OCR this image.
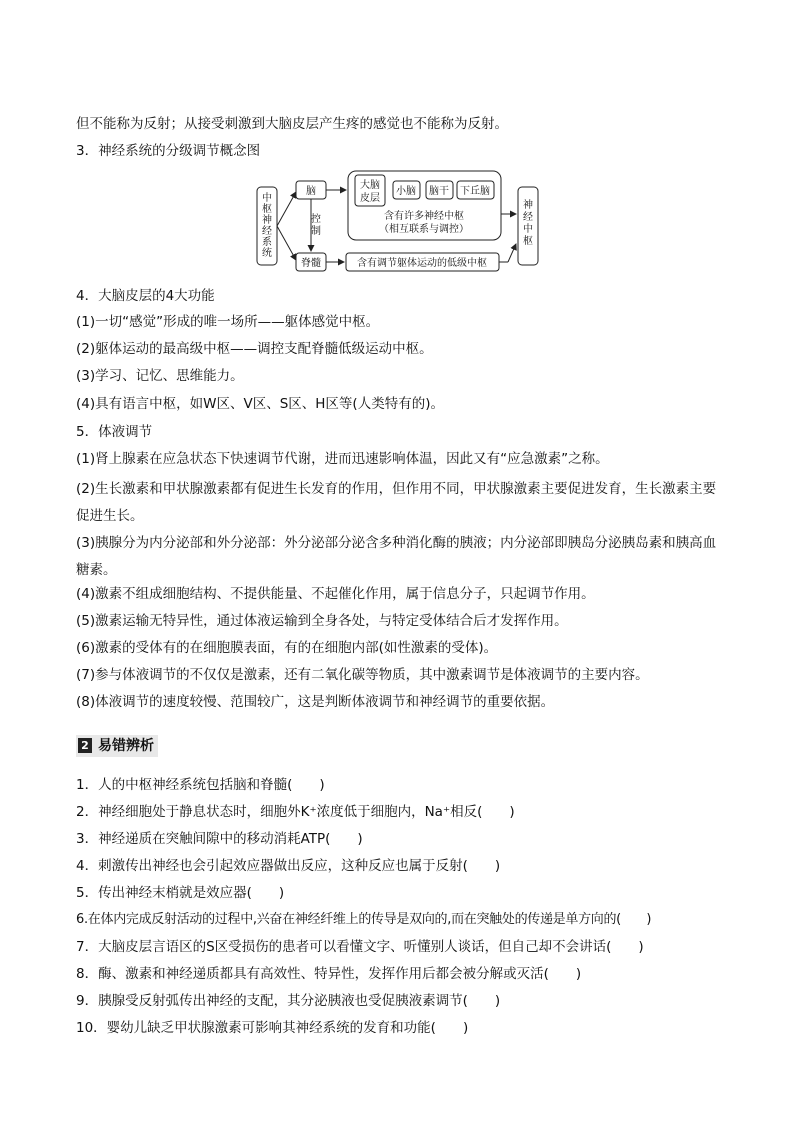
但不能称为反射；从接受刺激到大脑皮层产生疼的感觉也不能称为反射。
3．神经系统的分级调节概念图
中
枢
神
经
系
统
脑
脊髓
控
制
大脑
皮层
小脑 脑干 下丘脑
含有许多神经中枢
（相互联系与调控）
含有调节躯体运动的低级中枢
神
经
中
枢
4．大脑皮层的4大功能
(1)一切“感觉”形成的唯一场所——躯体感觉中枢。
(2)躯体运动的最高级中枢——调控支配脊髓低级运动中枢。
(3)学习、记忆、思维能力。
(4)具有语言中枢，如W区、V区、S区、H区等(人类特有的)。
5．体液调节
(1)肾上腺素在应急状态下快速调节代谢，进而迅速影响体温，因此又有“应急激素”之称。
(2)生长激素和甲状腺激素都有促进生长发育的作用，但作用不同，甲状腺激素主要促进发育，生长激素主要促进生长。
(3)胰腺分为内分泌部和外分泌部：外分泌部分泌含多种消化酶的胰液；内分泌部即胰岛分泌胰岛素和胰高血糖素。
(4)激素不组成细胞结构、不提供能量、不起催化作用，属于信息分子，只起调节作用。
(5)激素运输无特异性，通过体液运输到全身各处，与特定受体结合后才发挥作用。
(6)激素的受体有的在细胞膜表面，有的在细胞内部(如性激素的受体)。
(7)参与体液调节的不仅仅是激素，还有二氧化碳等物质，其中激素调节是体液调节的主要内容。
(8)体液调节的速度较慢、范围较广，这是判断体液调节和神经调节的重要依据。
2 易错辨析
1．人的中枢神经系统包括脑和脊髓(　　)
2．神经细胞处于静息状态时，细胞外K⁺浓度低于细胞内，Na⁺相反(　　)
3．神经递质在突触间隙中的移动消耗ATP(　　)
4．刺激传出神经也会引起效应器做出反应，这种反应也属于反射(　　)
5．传出神经末梢就是效应器(　　)
6.在体内完成反射活动的过程中,兴奋在神经纤维上的传导是双向的,而在突触处的传递是单方向的(　　)
7．大脑皮层言语区的S区受损伤的患者可以看懂文字、听懂别人谈话，但自己却不会讲话(　　)
8．酶、激素和神经递质都具有高效性、特异性，发挥作用后都会被分解或灭活(　　)
9．胰腺受反射弧传出神经的支配，其分泌胰液也受促胰液素调节(　　)
10．婴幼儿缺乏甲状腺激素可影响其神经系统的发育和功能(　　)
